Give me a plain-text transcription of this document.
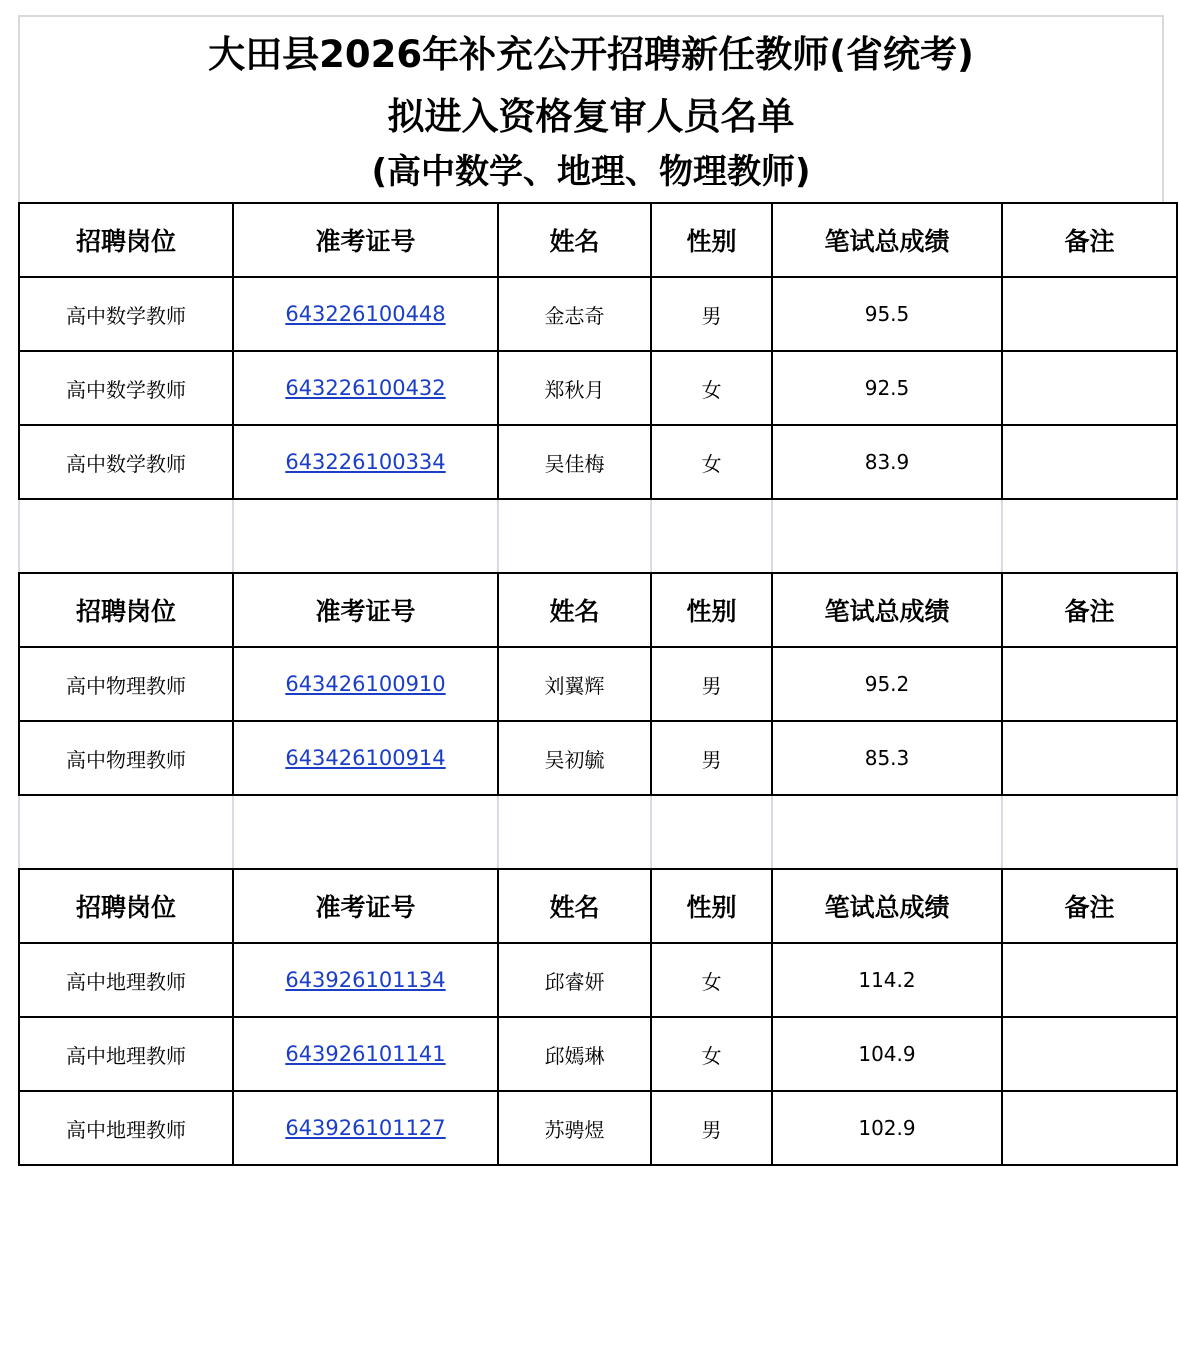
大田县2026年补充公开招聘新任教师(省统考)
拟进入资格复审人员名单
(高中数学、地理、物理教师)
招聘岗位	准考证号	姓名	性别	笔试总成绩	备注
高中数学教师	643226100448	金志奇	男	95.5	
高中数学教师	643226100432	郑秋月	女	92.5	
高中数学教师	643226100334	吴佳梅	女	83.9	

招聘岗位	准考证号	姓名	性别	笔试总成绩	备注
高中物理教师	643426100910	刘翼辉	男	95.2	
高中物理教师	643426100914	吴初毓	男	85.3	

招聘岗位	准考证号	姓名	性别	笔试总成绩	备注
高中地理教师	643926101134	邱睿妍	女	114.2	
高中地理教师	643926101141	邱嫣琳	女	104.9	
高中地理教师	643926101127	苏骋煜	男	102.9	
